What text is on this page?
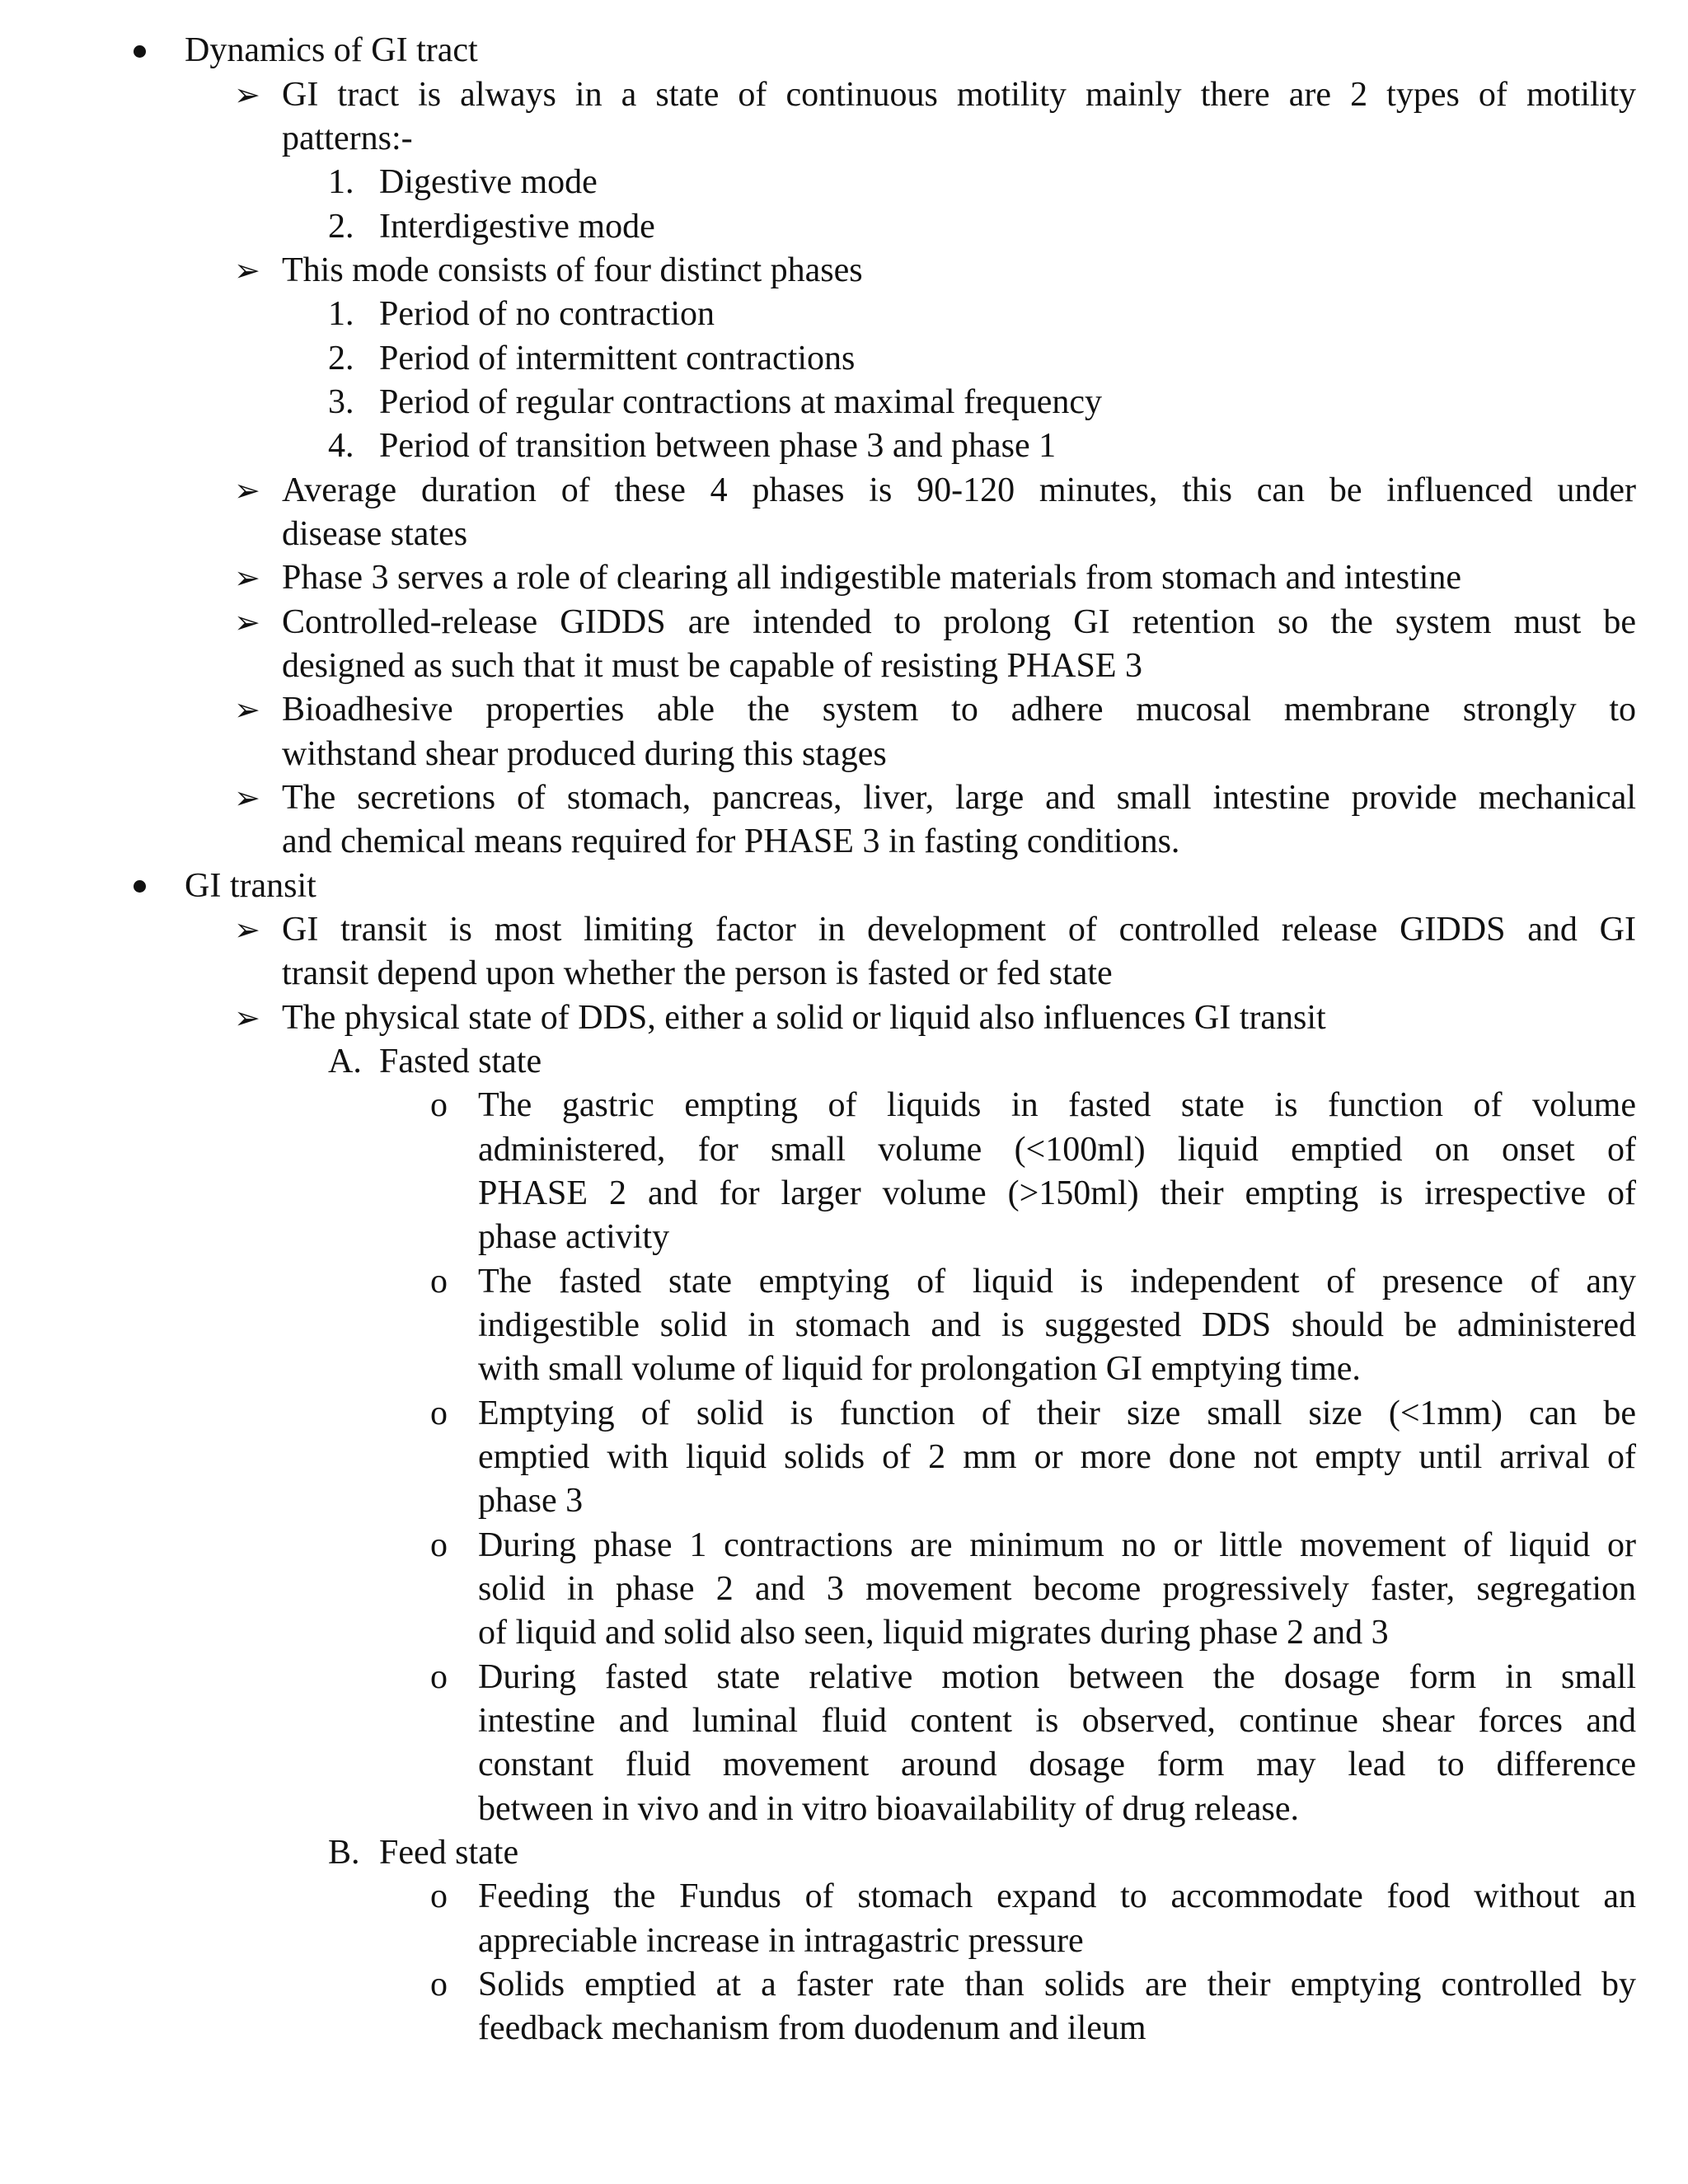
Dynamics of GI tract
➢ GI tract is always in a state of continuous motility mainly there are 2 types of motility
patterns:-
1. Digestive mode
2. Interdigestive mode
➢ This mode consists of four distinct phases
1. Period of no contraction
2. Period of intermittent contractions
3. Period of regular contractions at maximal frequency
4. Period of transition between phase 3 and phase 1
➢ Average duration of these 4 phases is 90-120 minutes, this can be influenced under
disease states
➢ Phase 3 serves a role of clearing all indigestible materials from stomach and intestine
➢ Controlled-release GIDDS are intended to prolong GI retention so the system must be
designed as such that it must be capable of resisting PHASE 3
➢ Bioadhesive properties able the system to adhere mucosal membrane strongly to
withstand shear produced during this stages
➢ The secretions of stomach, pancreas, liver, large and small intestine provide mechanical
and chemical means required for PHASE 3 in fasting conditions.
GI transit
➢ GI transit is most limiting factor in development of controlled release GIDDS and GI
transit depend upon whether the person is fasted or fed state
➢ The physical state of DDS, either a solid or liquid also influences GI transit
A. Fasted state
o The gastric empting of liquids in fasted state is function of volume
administered, for small volume (<100ml) liquid emptied on onset of
PHASE 2 and for larger volume (>150ml) their empting is irrespective of
phase activity
o The fasted state emptying of liquid is independent of presence of any
indigestible solid in stomach and is suggested DDS should be administered
with small volume of liquid for prolongation GI emptying time.
o Emptying of solid is function of their size small size (<1mm) can be
emptied with liquid solids of 2 mm or more done not empty until arrival of
phase 3
o During phase 1 contractions are minimum no or little movement of liquid or
solid in phase 2 and 3 movement become progressively faster, segregation
of liquid and solid also seen, liquid migrates during phase 2 and 3
o During fasted state relative motion between the dosage form in small
intestine and luminal fluid content is observed, continue shear forces and
constant fluid movement around dosage form may lead to difference
between in vivo and in vitro bioavailability of drug release.
B. Feed state
o Feeding the Fundus of stomach expand to accommodate food without an
appreciable increase in intragastric pressure
o Solids emptied at a faster rate than solids are their emptying controlled by
feedback mechanism from duodenum and ileum
